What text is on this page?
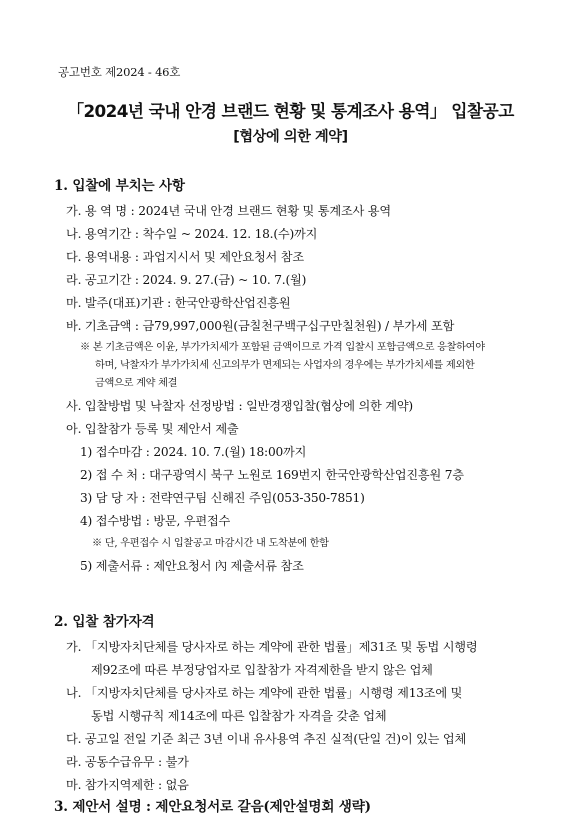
공고번호 제2024 - 46호
「2024년 국내 안경 브랜드 현황 및 통계조사 용역」 입찰공고
[협상에 의한 계약]
1. 입찰에 부치는 사항
가. 용 역 명 : 2024년 국내 안경 브랜드 현황 및 통계조사 용역
나. 용역기간 : 착수일 ~ 2024. 12. 18.(수)까지
다. 용역내용 : 과업지시서 및 제안요청서 참조
라. 공고기간 : 2024. 9. 27.(금) ~ 10. 7.(월)
마. 발주(대표)기관 : 한국안광학산업진흥원
바. 기초금액 : 금79,997,000원(금칠천구백구십구만칠천원) / 부가세 포함
※ 본 기초금액은 이윤, 부가가치세가 포함된 금액이므로 가격 입찰시 포함금액으로 응찰하여야
하며, 낙찰자가 부가가치세 신고의무가 면제되는 사업자의 경우에는 부가가치세를 제외한
금액으로 계약 체결
사. 입찰방법 및 낙찰자 선정방법 : 일반경쟁입찰(협상에 의한 계약)
아. 입찰참가 등록 및 제안서 제출
1) 접수마감 : 2024. 10. 7.(월) 18:00까지
2) 접 수 처 : 대구광역시 북구 노원로 169번지 한국안광학산업진흥원 7층
3) 담 당 자 : 전략연구팀 신해진 주임(053-350-7851)
4) 접수방법 : 방문, 우편접수
※ 단, 우편접수 시 입찰공고 마감시간 내 도착분에 한함
5) 제출서류 : 제안요청서 內 제출서류 참조
2. 입찰 참가자격
가. 「지방자치단체를 당사자로 하는 계약에 관한 법률」제31조 및 동법 시행령
제92조에 따른 부정당업자로 입찰참가 자격제한을 받지 않은 업체
나. 「지방자치단체를 당사자로 하는 계약에 관한 법률」시행령 제13조에 및
동법 시행규칙 제14조에 따른 입찰참가 자격을 갖춘 업체
다. 공고일 전일 기준 최근 3년 이내 유사용역 추진 실적(단일 건)이 있는 업체
라. 공동수급유무 : 불가
마. 참가지역제한 : 없음
3. 제안서 설명 : 제안요청서로 갈음(제안설명회 생략)
